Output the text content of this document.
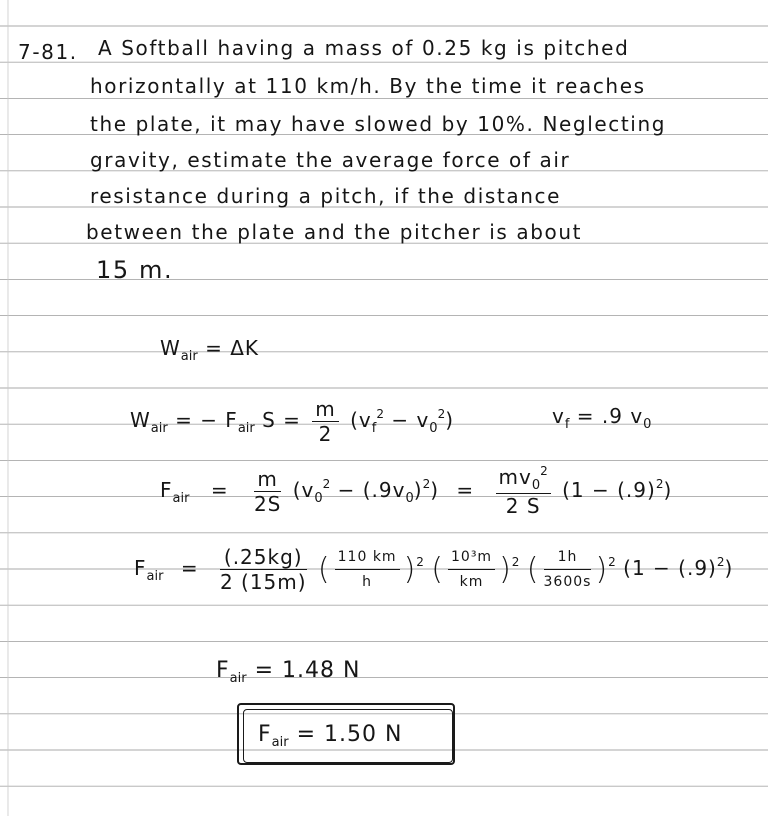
7-81. A Softball having a mass of 0.25 kg is pitched
horizontally at 110 km/h. By the time it reaches
the plate, it may have slowed by 10%. Neglecting
gravity, estimate the average force of air
resistance during a pitch, if the distance
between the plate and the pitcher is about
15 m.
$W_{air} = \Delta K$
$W_{air}$ = − $F_{air}$ $S = \frac{m}{2} (v_f^2 - v_0^2)$	$v_f = .9$ $v_0$
$F_{air} = \frac{m}{2S} (v_0^2 - (.9v_0)^2) = \frac{mv_0^2}{2 S} (1 - (.9)^2)$
$F_{air} = \frac{(.25kg)}{2 (15m)}$ ( $\frac{110 km}{h} )^2$ ( $\frac{\text{10³m}}{km} )^2$ ( $\frac{1h}{3600s} )^2$ $(1 - (.9)^2)$
$F_{air} = 1.48$ N
$F_{air} = 1.50$ N
